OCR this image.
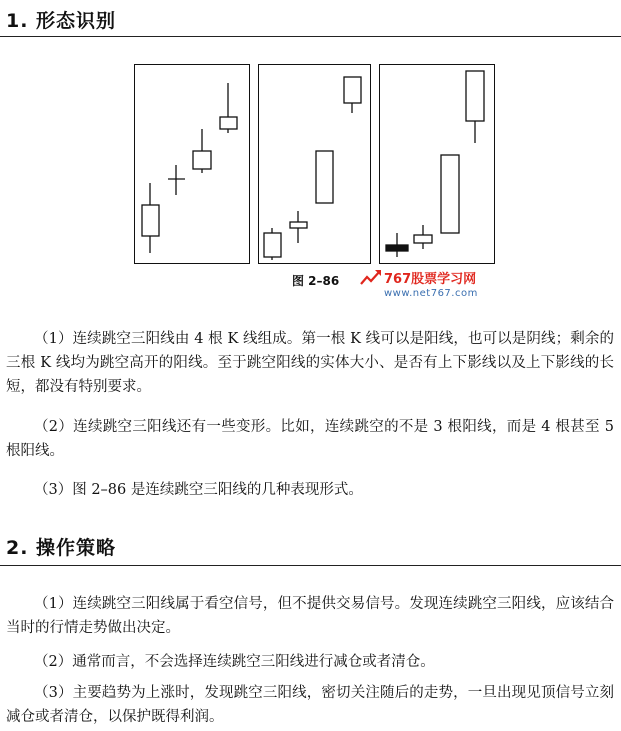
1. 形态识别
图 2–86	767股票学习网
www.net767.com
（1）连续跳空三阳线由 4 根 K 线组成。第一根 K 线可以是阳线，也可以是阴线；剩余的三根 K 线均为跳空高开的阳线。至于跳空阳线的实体大小、是否有上下影线以及上下影线的长短，都没有特别要求。
（2）连续跳空三阳线还有一些变形。比如，连续跳空的不是 3 根阳线，而是 4 根甚至 5 根阳线。
（3）图 2–86 是连续跳空三阳线的几种表现形式。
2. 操作策略
（1）连续跳空三阳线属于看空信号，但不提供交易信号。发现连续跳空三阳线，应该结合当时的行情走势做出决定。
（2）通常而言，不会选择连续跳空三阳线进行减仓或者清仓。
（3）主要趋势为上涨时，发现跳空三阳线，密切关注随后的走势，一旦出现见顶信号立刻减仓或者清仓，以保护既得利润。
